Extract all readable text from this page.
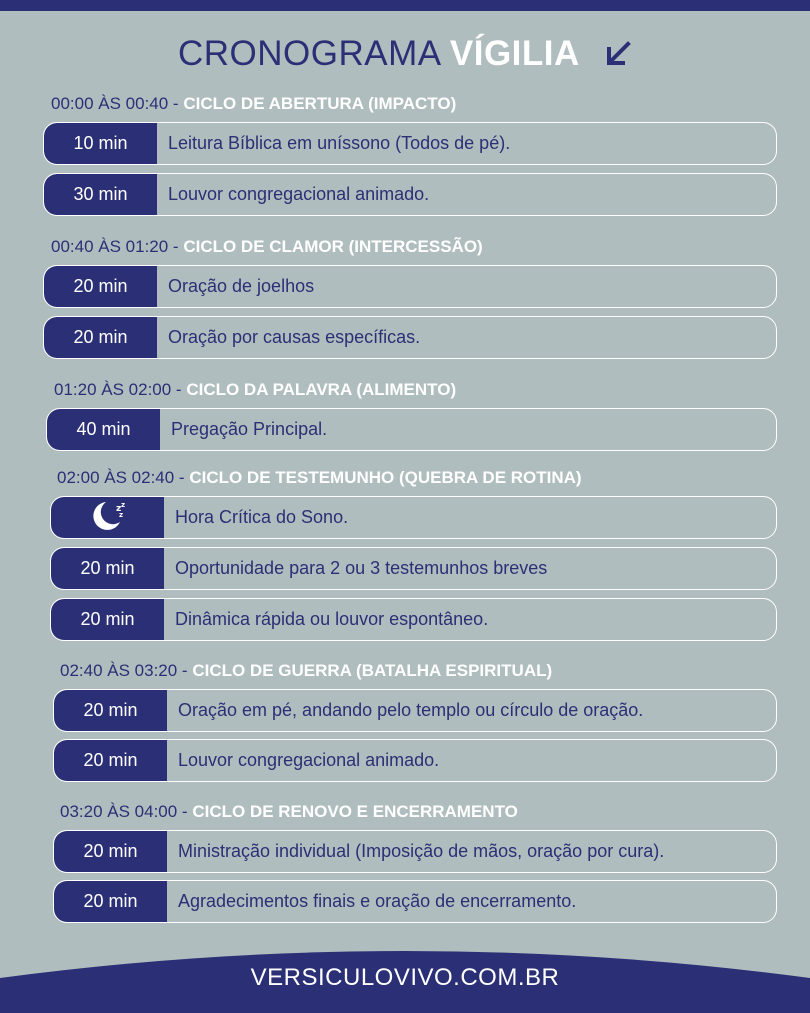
CRONOGRAMA VÍGILIA
00:00 ÀS 00:40 - CICLO DE ABERTURA (IMPACTO)
10 min	Leitura Bíblica em uníssono (Todos de pé).
30 min	Louvor congregacional animado.
00:40 ÀS 01:20 - CICLO DE CLAMOR (INTERCESSÃO)
20 min	Oração de joelhos
20 min	Oração por causas específicas.
01:20 ÀS 02:00 - CICLO DA PALAVRA (ALIMENTO)
40 min	Pregação Principal.
02:00 ÀS 02:40 - CICLO DE TESTEMUNHO (QUEBRA DE ROTINA)
z z
z	Hora Crítica do Sono.
20 min	Oportunidade para 2 ou 3 testemunhos breves
20 min	Dinâmica rápida ou louvor espontâneo.
02:40 ÀS 03:20 - CICLO DE GUERRA (BATALHA ESPIRITUAL)
20 min	Oração em pé, andando pelo templo ou círculo de oração.
20 min	Louvor congregacional animado.
03:20 ÀS 04:00 - CICLO DE RENOVO E ENCERRAMENTO
20 min	Ministração individual (Imposição de mãos, oração por cura).
20 min	Agradecimentos finais e oração de encerramento.
VERSICULOVIVO.COM.BR
